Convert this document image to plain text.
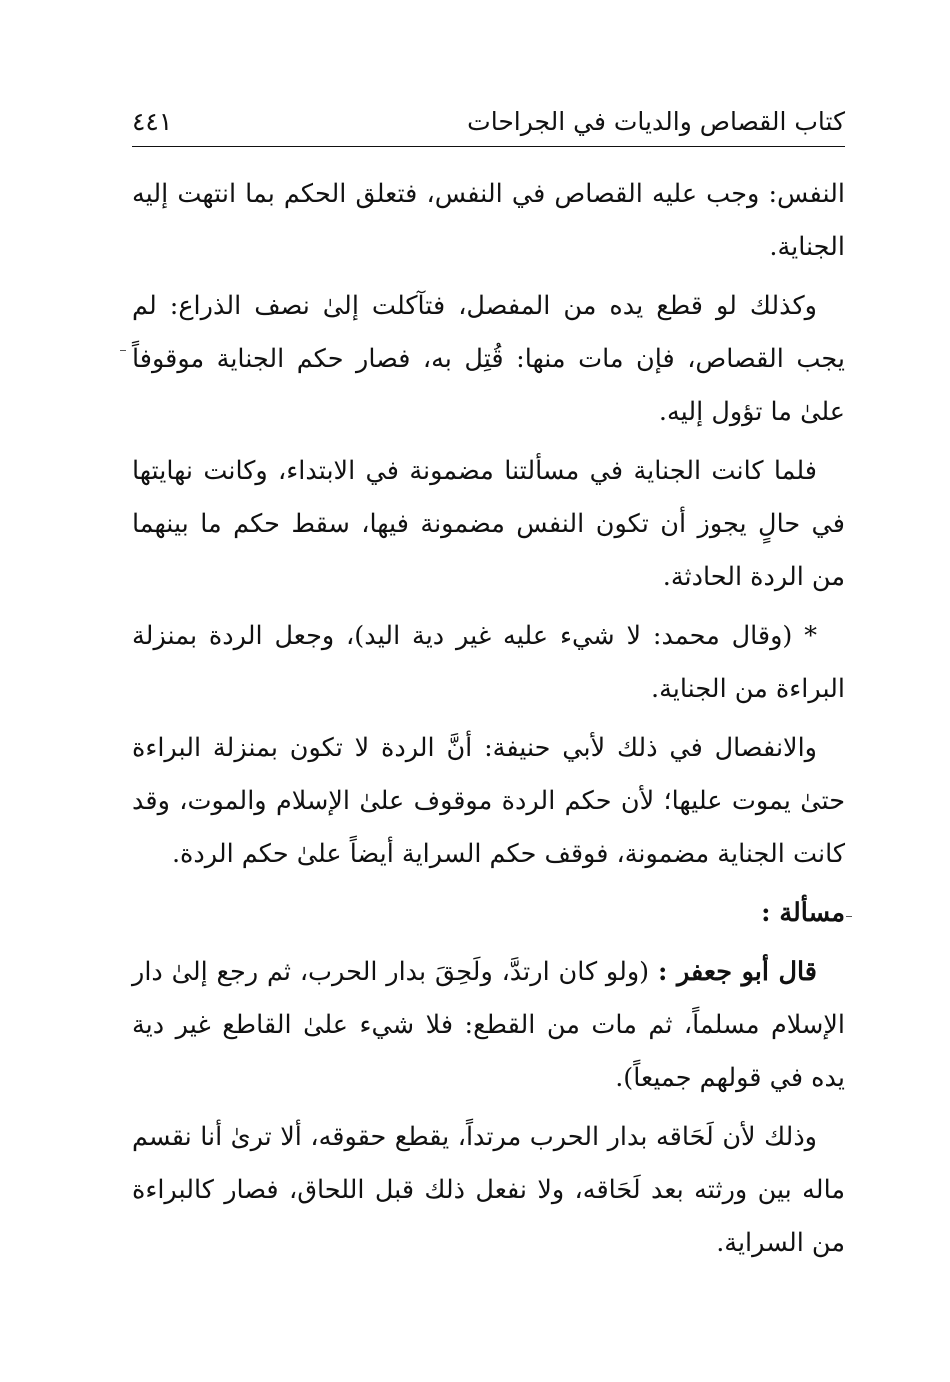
كتاب القصاص والديات في الجراحات
٤٤١

النفس: وجب عليه القصاص في النفس، فتعلق الحكم بما انتهت إليه الجناية.

وكذلك لو قطع يده من المفصل، فتآكلت إلىٰ نصف الذراع: لم يجب القصاص، فإن مات منها: قُتِل به، فصار حكم الجناية موقوفاً علىٰ ما تؤول إليه.

فلما كانت الجناية في مسألتنا مضمونة في الابتداء، وكانت نهايتها في حالٍ يجوز أن تكون النفس مضمونة فيها، سقط حكم ما بينهما من الردة الحادثة.

* (وقال محمد: لا شيء عليه غير دية اليد)، وجعل الردة بمنزلة البراءة من الجناية.

والانفصال في ذلك لأبي حنيفة: أنَّ الردة لا تكون بمنزلة البراءة حتىٰ يموت عليها؛ لأن حكم الردة موقوف علىٰ الإسلام والموت، وقد كانت الجناية مضمونة، فوقف حكم السراية أيضاً علىٰ حكم الردة.

مسألة :

قال أبو جعفر : (ولو كان ارتدَّ، ولَحِقَ بدار الحرب، ثم رجع إلىٰ دار الإسلام مسلماً، ثم مات من القطع: فلا شيء علىٰ القاطع غير دية يده في قولهم جميعاً).

وذلك لأن لَحَاقه بدار الحرب مرتداً، يقطع حقوقه، ألا ترىٰ أنا نقسم ماله بين ورثته بعد لَحَاقه، ولا نفعل ذلك قبل اللحاق، فصار كالبراءة من السراية.
